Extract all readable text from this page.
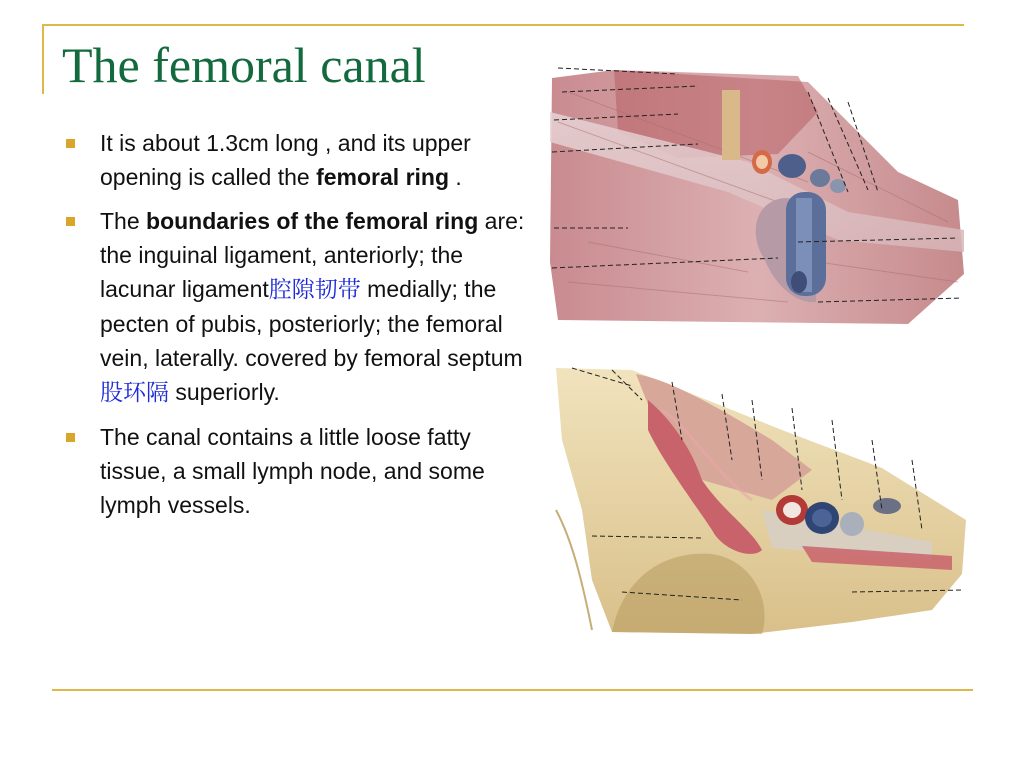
The femoral canal
It is about 1.3cm long , and its upper opening is called the femoral ring .
The boundaries of the femoral ring are: the inguinal ligament, anteriorly; the lacunar ligament腔隙韧带 medially; the pecten of pubis, posteriorly; the femoral vein, laterally. covered by femoral septum股环隔 superiorly.
The canal contains a little loose fatty tissue, a small lymph node, and some lymph vessels.
